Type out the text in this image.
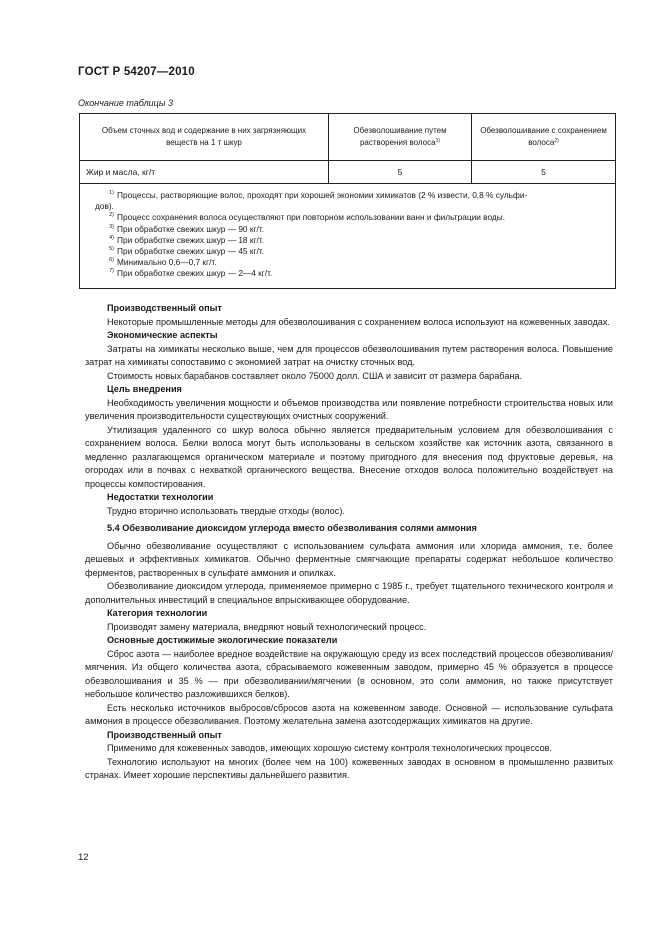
ГОСТ Р 54207—2010
Окончание таблицы 3
Объем сточных вод и содержание в них загрязняющих веществ на 1 т шкур
Обезволошивание путем растворения волоса$^{1)}$
Обезволошивание с сохранением волоса$^{2)}$
Жир и масла, кг/т	5	5
1) Процессы, растворяющие волос, проходят при хорошей экономии химикатов (2 % извести, 0,8 % сульфи-
дов).
2) Процесс сохранения волоса осуществляют при повторном использовании ванн и фильтрации воды.
3) При обработке свежих шкур — 90 кг/т.
4) При обработке свежих шкур — 18 кг/т.
5) При обработке свежих шкур — 45 кг/т.
6) Минимально 0,6—0,7 кг/т.
7) При обработке свежих шкур — 2—4 кг/т.
Производственный опыт

Некоторые промышленные методы для обезволошивания с сохранением волоса используют на кожевенных заводах.

Экономические аспекты

Затраты на химикаты несколько выше, чем для процессов обезволошивания путем растворения волоса. Повышение затрат на химикаты сопоставимо с экономией затрат на очистку сточных вод.

Стоимость новых барабанов составляет около 75000 долл. США и зависит от размера барабана.

Цель внедрения

Необходимость увеличения мощности и объемов производства или появление потребности строительства новых или увеличения производительности существующих очистных сооружений.

Утилизация удаленного со шкур волоса обычно является предварительным условием для обезволошивания с сохранением волоса. Белки волоса могут быть использованы в сельском хозяйстве как источник азота, связанного в медленно разлагающемся органическом материале и поэтому пригодного для внесения под фруктовые деревья, на огородах или в почвах с нехваткой органического вещества. Внесение отходов волоса положительно воздействует на процессы компостирования.

Недостатки технологии

Трудно вторично использовать твердые отходы (волос).

5.4 Обезволивание диоксидом углерода вместо обезволивания солями аммония

Обычно обезволивание осуществляют с использованием сульфата аммония или хлорида аммония, т.е. более дешевых и эффективных химикатов. Обычно ферментные смягчающие препараты содержат небольшое количество ферментов, растворенных в сульфате аммония и опилках.

Обезволивание диоксидом углерода, применяемое примерно с 1985 г., требует тщательного технического контроля и дополнительных инвестиций в специальное впрыскивающее оборудование.

Категория технологии

Производят замену материала, внедряют новый технологический процесс.

Основные достижимые экологические показатели

Сброс азота — наиболее вредное воздействие на окружающую среду из всех последствий процессов обезволивания/мягчения. Из общего количества азота, сбрасываемого кожевенным заводом, примерно 45 % образуется в процессе обезволошивания и 35 % — при обезволивании/мягчении (в основном, это соли аммония, но также присутствует небольшое количество разложившихся белков).

Есть несколько источников выбросов/сбросов азота на кожевенном заводе. Основной — использование сульфата аммония в процессе обезволивания. Поэтому желательна замена азотсодержащих химикатов на другие.

Производственный опыт

Применимо для кожевенных заводов, имеющих хорошую систему контроля технологических процессов.

Технологию используют на многих (более чем на 100) кожевенных заводах в основном в промышленно развитых странах. Имеет хорошие перспективы дальнейшего развития.

12
